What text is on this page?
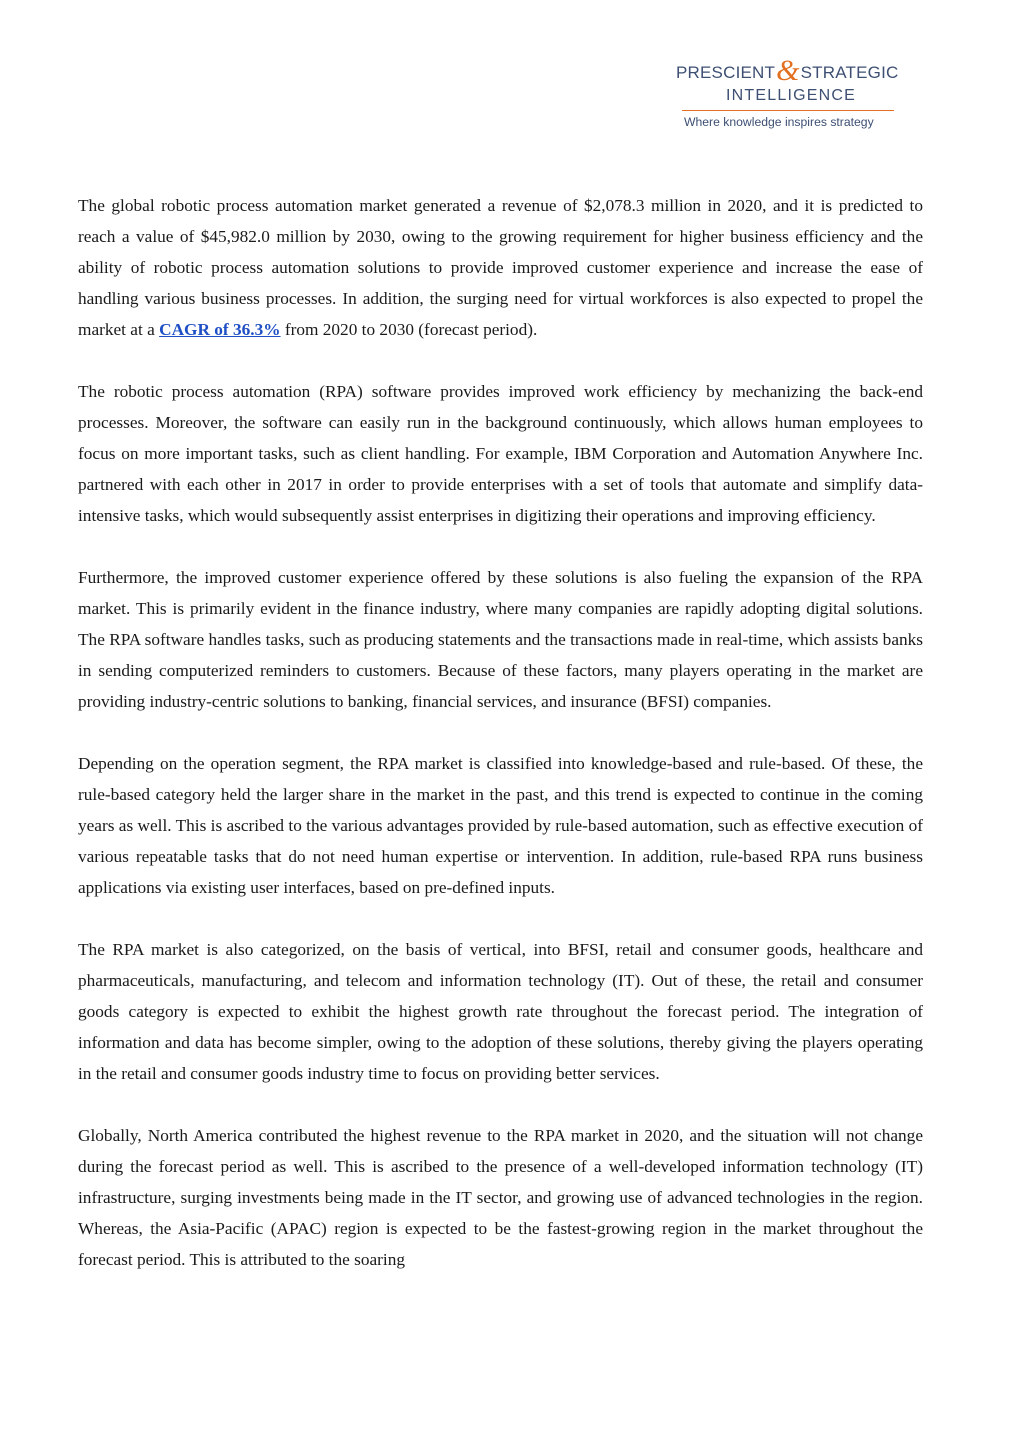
PRESCIENT & STRATEGIC
INTELLIGENCE
Where knowledge inspires strategy

The global robotic process automation market generated a revenue of $2,078.3 million in 2020, and it is predicted to reach a value of $45,982.0 million by 2030, owing to the growing requirement for higher business efficiency and the ability of robotic process automation solutions to provide improved customer experience and increase the ease of handling various business processes. In addition, the surging need for virtual workforces is also expected to propel the market at a CAGR of 36.3% from 2020 to 2030 (forecast period).

The robotic process automation (RPA) software provides improved work efficiency by mechanizing the back-end processes. Moreover, the software can easily run in the background continuously, which allows human employees to focus on more important tasks, such as client handling. For example, IBM Corporation and Automation Anywhere Inc. partnered with each other in 2017 in order to provide enterprises with a set of tools that automate and simplify data-intensive tasks, which would subsequently assist enterprises in digitizing their operations and improving efficiency.

Furthermore, the improved customer experience offered by these solutions is also fueling the expansion of the RPA market. This is primarily evident in the finance industry, where many companies are rapidly adopting digital solutions. The RPA software handles tasks, such as producing statements and the transactions made in real-time, which assists banks in sending computerized reminders to customers. Because of these factors, many players operating in the market are providing industry-centric solutions to banking, financial services, and insurance (BFSI) companies.

Depending on the operation segment, the RPA market is classified into knowledge-based and rule-based. Of these, the rule-based category held the larger share in the market in the past, and this trend is expected to continue in the coming years as well. This is ascribed to the various advantages provided by rule-based automation, such as effective execution of various repeatable tasks that do not need human expertise or intervention. In addition, rule-based RPA runs business applications via existing user interfaces, based on pre-defined inputs.

The RPA market is also categorized, on the basis of vertical, into BFSI, retail and consumer goods, healthcare and pharmaceuticals, manufacturing, and telecom and information technology (IT). Out of these, the retail and consumer goods category is expected to exhibit the highest growth rate throughout the forecast period. The integration of information and data has become simpler, owing to the adoption of these solutions, thereby giving the players operating in the retail and consumer goods industry time to focus on providing better services.

Globally, North America contributed the highest revenue to the RPA market in 2020, and the situation will not change during the forecast period as well. This is ascribed to the presence of a well-developed information technology (IT) infrastructure, surging investments being made in the IT sector, and growing use of advanced technologies in the region. Whereas, the Asia-Pacific (APAC) region is expected to be the fastest-growing region in the market throughout the forecast period. This is attributed to the soaring
